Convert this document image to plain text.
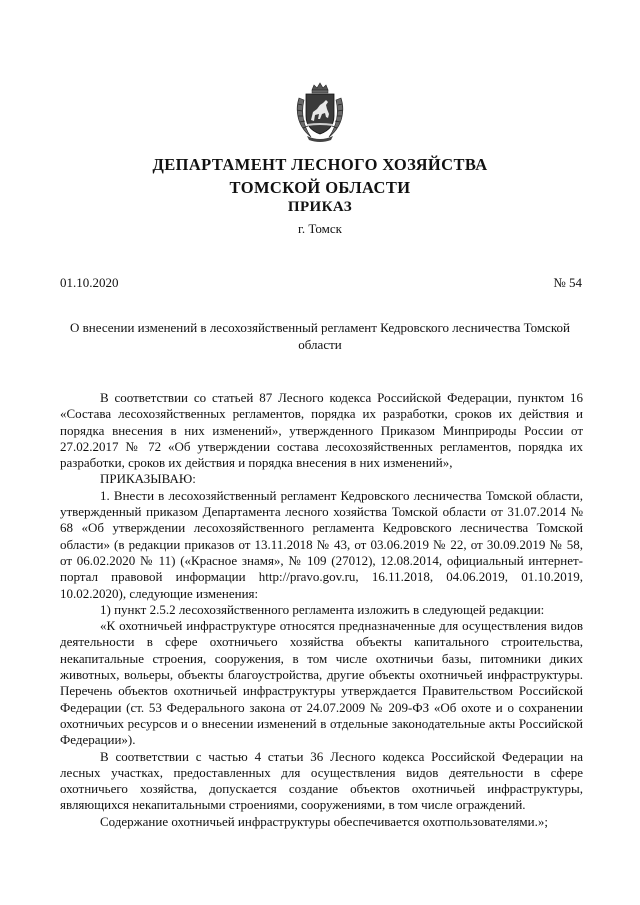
ДЕПАРТАМЕНТ ЛЕСНОГО ХОЗЯЙСТВА
ТОМСКОЙ ОБЛАСТИ
ПРИКАЗ
г. Томск
01.10.2020	№ 54
О внесении изменений в лесохозяйственный регламент Кедровского лесничества Томской области

В соответствии со статьей 87 Лесного кодекса Российской Федерации, пунктом 16 «Состава лесохозяйственных регламентов, порядка их разработки, сроков их действия и порядка внесения в них изменений», утвержденного Приказом Минприроды России от 27.02.2017 № 72 «Об утверждении состава лесохозяйственных регламентов, порядка их разработки, сроков их действия и порядка внесения в них изменений»,

ПРИКАЗЫВАЮ:

1. Внести в лесохозяйственный регламент Кедровского лесничества Томской области, утвержденный приказом Департамента лесного хозяйства Томской области от 31.07.2014 № 68 «Об утверждении лесохозяйственного регламента Кедровского лесничества Томской области» (в редакции приказов от 13.11.2018 № 43, от 03.06.2019 № 22, от 30.09.2019 № 58, от 06.02.2020 № 11) («Красное знамя», № 109 (27012), 12.08.2014, официальный интернет-портал правовой информации http://pravo.gov.ru, 16.11.2018, 04.06.2019, 01.10.2019, 10.02.2020), следующие изменения:

1) пункт 2.5.2 лесохозяйственного регламента изложить в следующей редакции:

«К охотничьей инфраструктуре относятся предназначенные для осуществления видов деятельности в сфере охотничьего хозяйства объекты капитального строительства, некапитальные строения, сооружения, в том числе охотничьи базы, питомники диких животных, вольеры, объекты благоустройства, другие объекты охотничьей инфраструктуры. Перечень объектов охотничьей инфраструктуры утверждается Правительством Российской Федерации (ст. 53 Федерального закона от 24.07.2009 № 209-ФЗ «Об охоте и о сохранении охотничьих ресурсов и о внесении изменений в отдельные законодательные акты Российской Федерации»).

В соответствии с частью 4 статьи 36 Лесного кодекса Российской Федерации на лесных участках, предоставленных для осуществления видов деятельности в сфере охотничьего хозяйства, допускается создание объектов охотничьей инфраструктуры, являющихся некапитальными строениями, сооружениями, в том числе ограждений.

Содержание охотничьей инфраструктуры обеспечивается охотпользователями.»;
